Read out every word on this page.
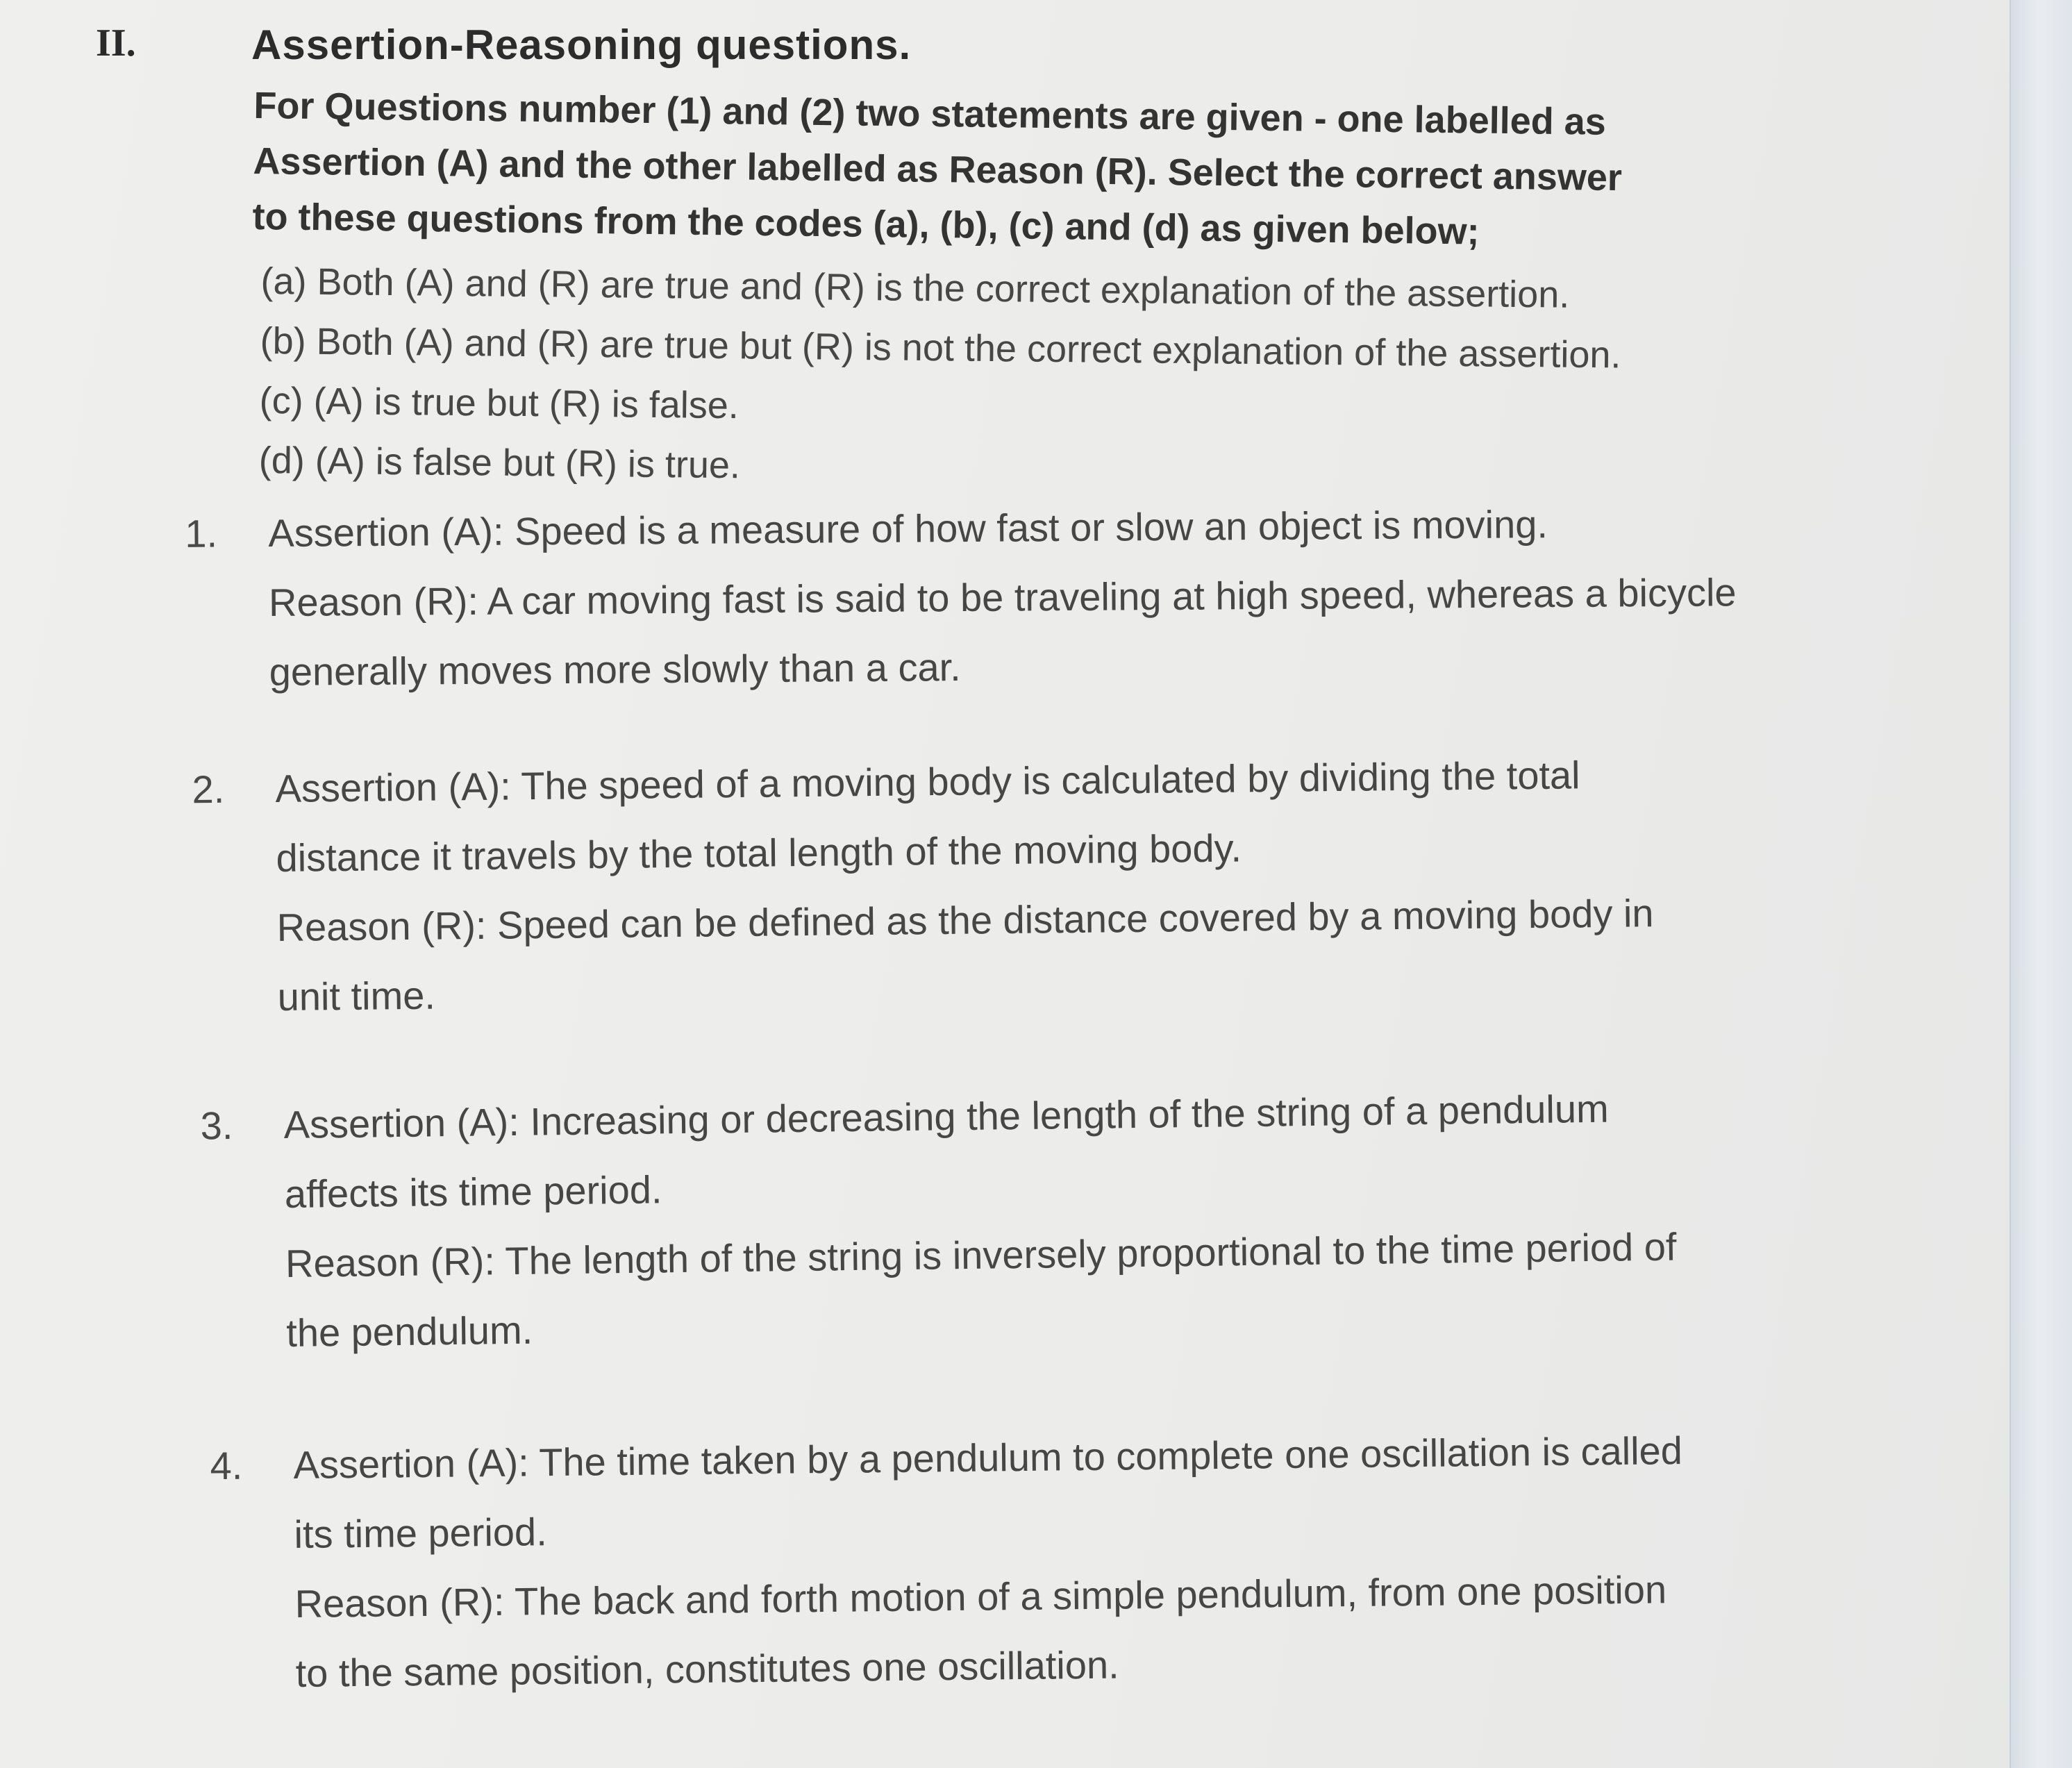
II.	Assertion-Reasoning questions.
For Questions number (1) and (2) two statements are given - one labelled as
Assertion (A) and the other labelled as Reason (R). Select the correct answer
to these questions from the codes (a), (b), (c) and (d) as given below;
(a) Both (A) and (R) are true and (R) is the correct explanation of the assertion.
(b) Both (A) and (R) are true but (R) is not the correct explanation of the assertion.
(c) (A) is true but (R) is false.
(d) (A) is false but (R) is true.
1. Assertion (A): Speed is a measure of how fast or slow an object is moving.
Reason (R): A car moving fast is said to be traveling at high speed, whereas a bicycle
generally moves more slowly than a car.
2. Assertion (A): The speed of a moving body is calculated by dividing the total
distance it travels by the total length of the moving body.
Reason (R): Speed can be defined as the distance covered by a moving body in
unit time.
3. Assertion (A): Increasing or decreasing the length of the string of a pendulum
affects its time period.
Reason (R): The length of the string is inversely proportional to the time period of
the pendulum.
4. Assertion (A): The time taken by a pendulum to complete one oscillation is called
its time period.
Reason (R): The back and forth motion of a simple pendulum, from one position
to the same position, constitutes one oscillation.
